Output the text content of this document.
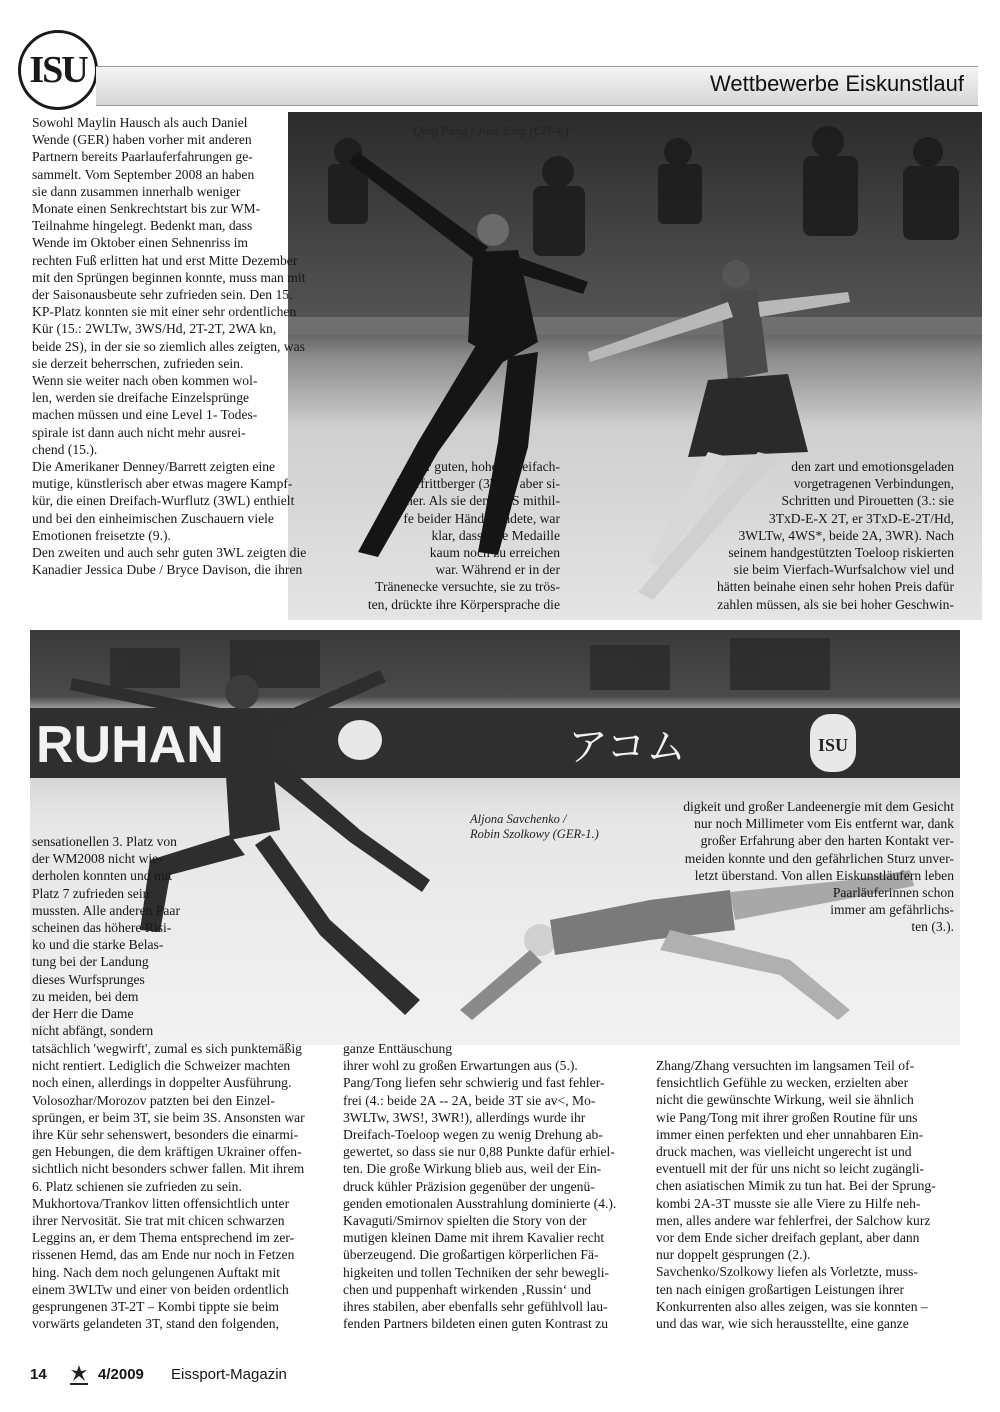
ISU	Wettbewerbe Eiskunstlauf
Qing Pang / Jian Tong (CH-4.)
RUHAN	アコム	ISU
Aljona Savchenko /
Robin Szolkowy (GER-1.)

Sowohl Maylin Hausch als auch Daniel

Wende (GER) haben vorher mit anderen

Partnern bereits Paarlauferfahrungen ge-

sammelt. Vom September 2008 an haben

sie dann zusammen innerhalb weniger

Monate einen Senkrechtstart bis zur WM-

Teilnahme hingelegt. Bedenkt man, dass

Wende im Oktober einen Sehnenriss im

rechten Fuß erlitten hat und erst Mitte Dezember

mit den Sprüngen beginnen konnte, muss man mit

der Saisonausbeute sehr zufrieden sein. Den 15.

KP-Platz konnten sie mit einer sehr ordentlichen

Kür (15.: 2WLTw, 3WS/Hd, 2T-2T, 2WA kn,

beide 2S), in der sie so ziemlich alles zeigten, was

sie derzeit beherrschen, zufrieden sein.

Wenn sie weiter nach oben kommen wol-

len, werden sie dreifache Einzelsprünge

machen müssen und eine Level 1- Todes-

spirale ist dann auch nicht mehr ausrei-

chend (15.).

Die Amerikaner Denney/Barrett zeigten eine

mutige, künstlerisch aber etwas magere Kampf-

kür, die einen Dreifach-Wurflutz (3WL) enthielt

und bei den einheimischen Zuschauern viele

Emotionen freisetzte (9.).

Den zweiten und auch sehr guten 3WL zeigten die

Kanadier Jessica Dube / Bryce Davison, die ihren

sehr guten, hohen Dreifach-

Wurfrittberger (3WR) aber si-

cher. Als sie den 3WS mithil-

fe beider Hände landete, war

klar, dass eine Medaille

kaum noch zu erreichen

war. Während er in der

Tränenecke versuchte, sie zu trös-

ten, drückte ihre Körpersprache die

den zart und emotionsgeladen

vorgetragenen Verbindungen,

Schritten und Pirouetten (3.: sie

3TxD-E-X 2T, er 3TxD-E-2T/Hd,

3WLTw, 4WS*, beide 2A, 3WR). Nach

seinem handgestützten Toeloop riskierten

sie beim Vierfach-Wurfsalchow viel und

hätten beinahe einen sehr hohen Preis dafür

zahlen müssen, als sie bei hoher Geschwin-

sensationellen 3. Platz von

der WM2008 nicht wie-

derholen konnten und mit

Platz 7 zufrieden sein

mussten. Alle anderen Paar

scheinen das höhere Risi-

ko und die starke Belas-

tung bei der Landung

dieses Wurfsprunges

zu meiden, bei dem

der Herr die Dame

nicht abfängt, sondern

digkeit und großer Landeenergie mit dem Gesicht

nur noch Millimeter vom Eis entfernt war, dank

großer Erfahrung aber den harten Kontakt ver-

meiden konnte und den gefährlichen Sturz unver-

letzt überstand. Von allen Eiskunstläufern leben

Paarläuferinnen schon

immer am gefährlichs-

ten (3.).

tatsächlich 'wegwirft', zumal es sich punktemäßig

nicht rentiert. Lediglich die Schweizer machten

noch einen, allerdings in doppelter Ausführung.

Volosozhar/Morozov patzten bei den Einzel-

sprüngen, er beim 3T, sie beim 3S. Ansonsten war

ihre Kür sehr sehenswert, besonders die einarmi-

gen Hebungen, die dem kräftigen Ukrainer offen-

sichtlich nicht besonders schwer fallen. Mit ihrem

6. Platz schienen sie zufrieden zu sein.

Mukhortova/Trankov litten offensichtlich unter

ihrer Nervosität. Sie trat mit chicen schwarzen

Leggins an, er dem Thema entsprechend im zer-

rissenen Hemd, das am Ende nur noch in Fetzen

hing. Nach dem noch gelungenen Auftakt mit

einem 3WLTw und einer von beiden ordentlich

gesprungenen 3T-2T – Kombi tippte sie beim

vorwärts gelandeten 3T, stand den folgenden,

ganze Enttäuschung

ihrer wohl zu großen Erwartungen aus (5.).

Pang/Tong liefen sehr schwierig und fast fehler-

frei (4.: beide 2A -- 2A, beide 3T sie av<, Mo-

3WLTw, 3WS!, 3WR!), allerdings wurde ihr

Dreifach-Toeloop wegen zu wenig Drehung ab-

gewertet, so dass sie nur 0,88 Punkte dafür erhiel-

ten. Die große Wirkung blieb aus, weil der Ein-

druck kühler Präzision gegenüber der ungenü-

genden emotionalen Ausstrahlung dominierte (4.).

Kavaguti/Smirnov spielten die Story von der

mutigen kleinen Dame mit ihrem Kavalier recht

überzeugend. Die großartigen körperlichen Fä-

higkeiten und tollen Techniken der sehr bewegli-

chen und puppenhaft wirkenden ‚Russin‘ und

ihres stabilen, aber ebenfalls sehr gefühlvoll lau-

fenden Partners bildeten einen guten Kontrast zu

Zhang/Zhang versuchten im langsamen Teil of-

fensichtlich Gefühle zu wecken, erzielten aber

nicht die gewünschte Wirkung, weil sie ähnlich

wie Pang/Tong mit ihrer großen Routine für uns

immer einen perfekten und eher unnahbaren Ein-

druck machen, was vielleicht ungerecht ist und

eventuell mit der für uns nicht so leicht zugängli-

chen asiatischen Mimik zu tun hat. Bei der Sprung-

kombi 2A-3T musste sie alle Viere zu Hilfe neh-

men, alles andere war fehlerfrei, der Salchow kurz

vor dem Ende sicher dreifach geplant, aber dann

nur doppelt gesprungen (2.).

Savchenko/Szolkowy liefen als Vorletzte, muss-

ten nach einigen großartigen Leistungen ihrer

Konkurrenten also alles zeigen, was sie konnten –

und das war, wie sich herausstellte, eine ganze

14	4/2009 Eissport-Magazin
